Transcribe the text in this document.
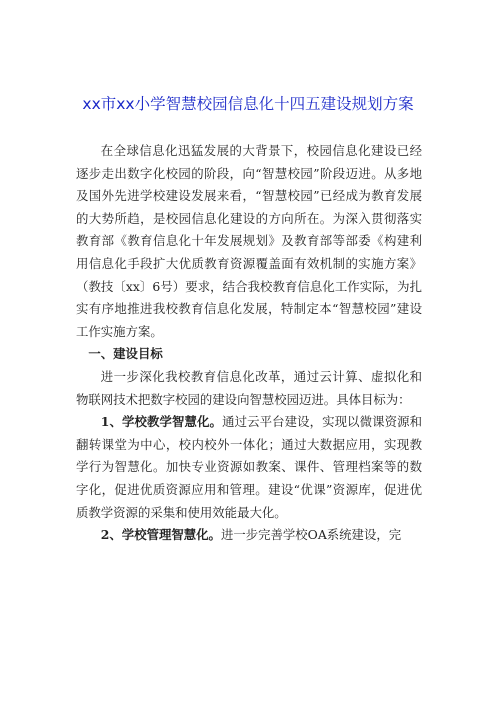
xx市xx小学智慧校园信息化十四五建设规划方案

在全球信息化迅猛发展的大背景下，校园信息化建设已经逐步走出数字化校园的阶段，向“智慧校园”阶段迈进。从多地及国外先进学校建设发展来看，“智慧校园”已经成为教育发展的大势所趋，是校园信息化建设的方向所在。为深入贯彻落实教育部《教育信息化十年发展规划》及教育部等部委《构建利用信息化手段扩大优质教育资源覆盖面有效机制的实施方案》（教技〔xx〕6号）要求，结合我校教育信息化工作实际，为扎实有序地推进我校教育信息化发展，特制定本“智慧校园”建设工作实施方案。

一、建设目标

进一步深化我校教育信息化改革，通过云计算、虚拟化和物联网技术把数字校园的建设向智慧校园迈进。具体目标为：

1、学校教学智慧化。通过云平台建设，实现以微课资源和翻转课堂为中心，校内校外一体化；通过大数据应用，实现教学行为智慧化。加快专业资源如教案、课件、管理档案等的数字化，促进优质资源应用和管理。建设“优课”资源库，促进优质教学资源的采集和使用效能最大化。

2、学校管理智慧化。进一步完善学校OA系统建设，完
